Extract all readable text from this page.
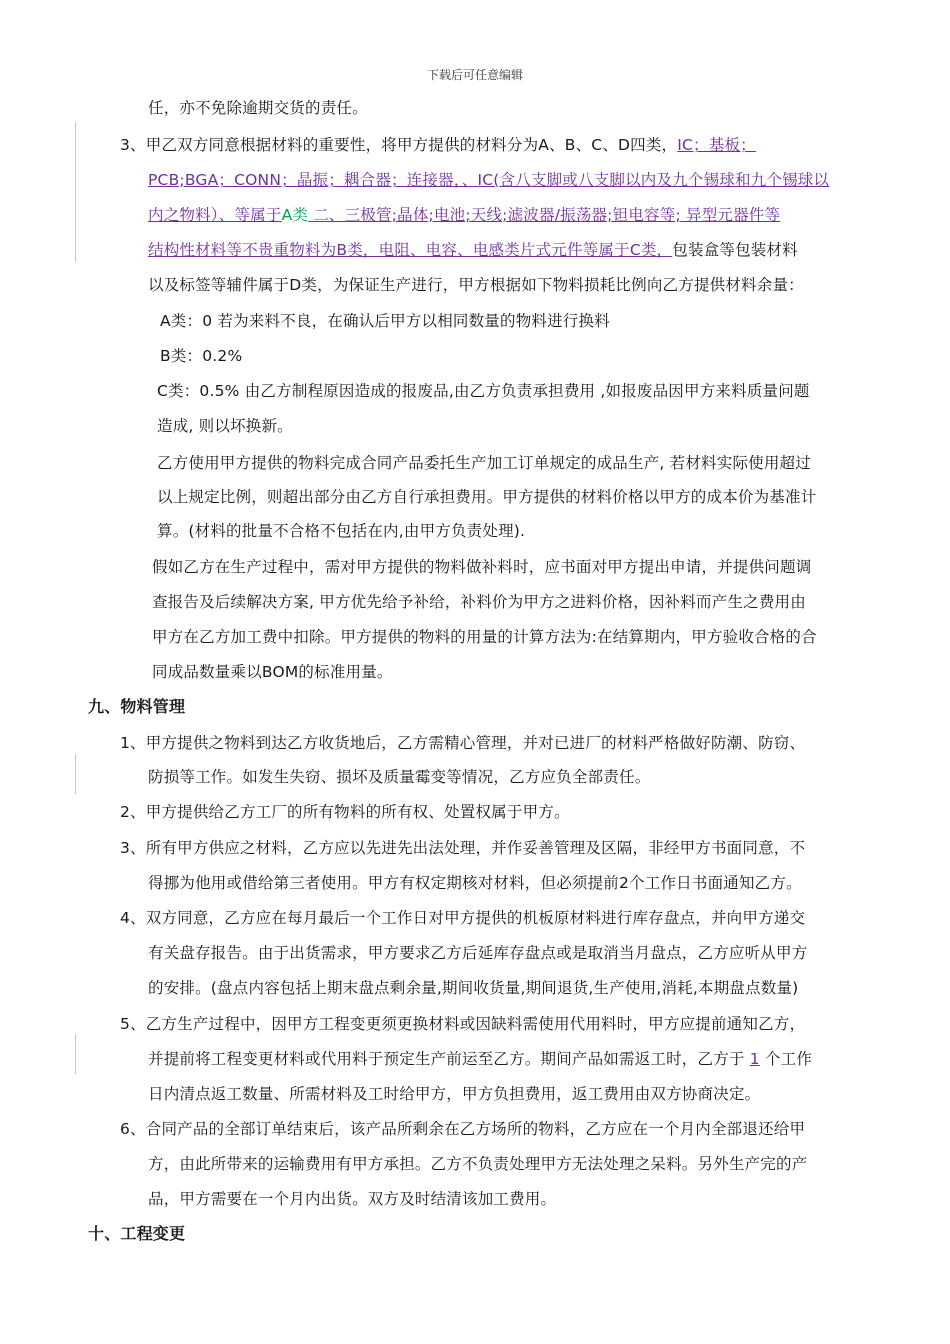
下载后可任意编辑
任，亦不免除逾期交货的责任。
3、甲乙双方同意根据材料的重要性，将甲方提供的材料分为A、B、C、D四类，IC；基板；
PCB;BGA；CONN；晶振；耦合器；连接器，、IC(含八支脚或八支脚以内及九个锡球和九个锡球以
内之物料）、等属于A类 二、三极管;晶体;电池;天线;滤波器/振荡器;钽电容等; 异型元器件等
结构性材料等不贵重物料为B类，电阻、电容、电感类片式元件等属于C类，包装盒等包装材料
以及标签等辅件属于D类，为保证生产进行，甲方根据如下物料损耗比例向乙方提供材料余量：
A类：0 若为来料不良，在确认后甲方以相同数量的物料进行换料
B类：0.2%
C类：0.5% 由乙方制程原因造成的报废品,由乙方负责承担费用 ,如报废品因甲方来料质量问题
造成, 则以坏换新。
乙方使用甲方提供的物料完成合同产品委托生产加工订单规定的成品生产, 若材料实际使用超过
以上规定比例，则超出部分由乙方自行承担费用。甲方提供的材料价格以甲方的成本价为基准计
算。(材料的批量不合格不包括在内,由甲方负责处理).
假如乙方在生产过程中，需对甲方提供的物料做补料时，应书面对甲方提出申请，并提供问题调
查报告及后续解决方案, 甲方优先给予补给，补料价为甲方之进料价格，因补料而产生之费用由
甲方在乙方加工费中扣除。甲方提供的物料的用量的计算方法为:在结算期内，甲方验收合格的合
同成品数量乘以BOM的标准用量。
九、物料管理
1、甲方提供之物料到达乙方收货地后，乙方需精心管理，并对已进厂的材料严格做好防潮、防窃、
防损等工作。如发生失窃、损坏及质量霉变等情况，乙方应负全部责任。
2、甲方提供给乙方工厂的所有物料的所有权、处置权属于甲方。
3、所有甲方供应之材料，乙方应以先进先出法处理，并作妥善管理及区隔，非经甲方书面同意，不
得挪为他用或借给第三者使用。甲方有权定期核对材料，但必须提前2个工作日书面通知乙方。
4、双方同意，乙方应在每月最后一个工作日对甲方提供的机板原材料进行库存盘点，并向甲方递交
有关盘存报告。由于出货需求，甲方要求乙方后延库存盘点或是取消当月盘点，乙方应听从甲方
的安排。(盘点内容包括上期末盘点剩余量,期间收货量,期间退货,生产使用,消耗,本期盘点数量)
5、乙方生产过程中，因甲方工程变更须更换材料或因缺料需使用代用料时，甲方应提前通知乙方，
并提前将工程变更材料或代用料于预定生产前运至乙方。期间产品如需返工时，乙方于 1 个工作
日内清点返工数量、所需材料及工时给甲方，甲方负担费用，返工费用由双方协商决定。
6、合同产品的全部订单结束后，该产品所剩余在乙方场所的物料，乙方应在一个月内全部退还给甲
方，由此所带来的运输费用有甲方承担。乙方不负责处理甲方无法处理之呆料。另外生产完的产
品，甲方需要在一个月内出货。双方及时结清该加工费用。
十、工程变更
